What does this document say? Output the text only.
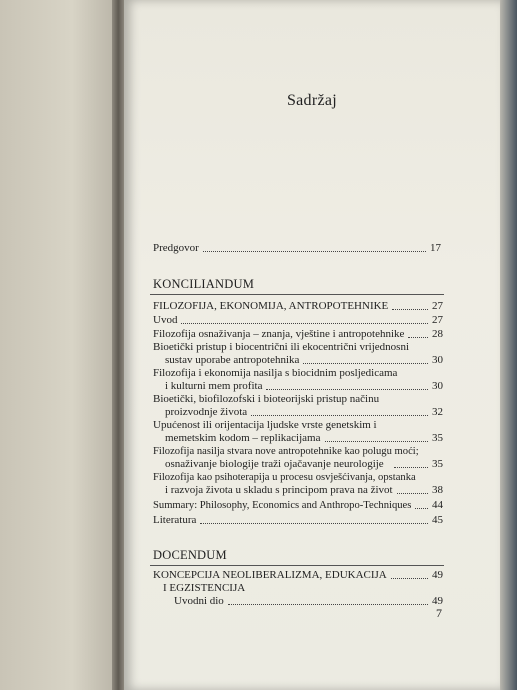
Sadržaj
Predgovor	17
KONCILIANDUM
FILOZOFIJA, EKONOMIJA, ANTROPOTEHNIKE	27
Uvod	27
Filozofija osnaživanja – znanja, vještine i antropotehnike	28
Bioetički pristup i biocentrični ili ekocentrični vrijednosni
sustav uporabe antropotehnika	30
Filozofija i ekonomija nasilja s biocidnim posljedicama
i kulturni mem profita	30
Bioetički, biofilozofski i bioteorijski pristup načinu
proizvodnje života	32
Upućenost ili orijentacija ljudske vrste genetskim i
memetskim kodom – replikacijama	35
Filozofija nasilja stvara nove antropotehnike kao polugu moći;
osnaživanje biologije traži ojačavanje neurologije	35
Filozofija kao psihoterapija u procesu osvješćivanja, opstanka
i razvoja života u skladu s principom prava na život	38
Summary: Philosophy, Economics and Anthropo-Techniques 44
Literatura	45
DOCENDUM
KONCEPCIJA NEOLIBERALIZMA, EDUKACIJA	49
I EGZISTENCIJA
Uvodni dio	49
7
